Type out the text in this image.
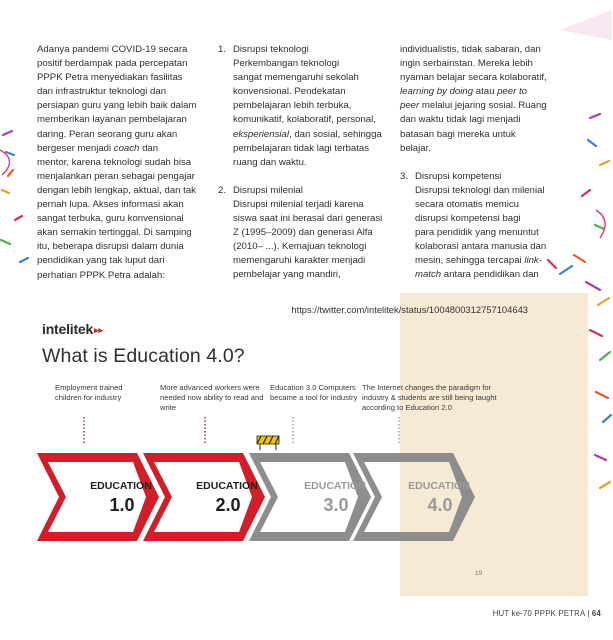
Adanya pandemi COVID-19 secara

positif berdampak pada percepatan

PPPK Petra menyediakan fasilitas

dan infrastruktur teknologi dan

persiapan guru yang lebih baik dalam

memberikan layanan pembelajaran

daring. Peran seorang guru akan

bergeser menjadi coach dan

mentor, karena teknologi sudah bisa

menjalankan peran sebagai pengajar

dengan lebih lengkap, aktual, dan tak

pernah lupa. Akses informasi akan

sangat terbuka, guru konvensional

akan semakin tertinggal. Di samping

itu, beberapa disrupsi dalam dunia

pendidikan yang tak luput dari

perhatian PPPK Petra adalah:

1. Disrupsi teknologi

Perkembangan teknologi

sangat memengaruhi sekolah

konvensional. Pendekatan

pembelajaran lebih terbuka,

komunikatif, kolaboratif, personal,

eksperiensial, dan sosial, sehingga

pembelajaran tidak lagi terbatas

ruang dan waktu.

2. Disrupsi milenial

Disrupsi milenial terjadi karena

siswa saat ini berasal dari generasi

Z (1995–2009) dan generasi Alfa

(2010– ...). Kemajuan teknologi

memengaruhi karakter menjadi

pembelajar yang mandiri,

individualistis, tidak sabaran, dan

ingin serbainstan. Mereka lebih

nyaman belajar secara kolaboratif,

learning by doing atau peer to

peer melalui jejaring sosial. Ruang

dan waktu tidak lagi menjadi

batasan bagi mereka untuk

belajar.

3. Disrupsi kompetensi

Disrupsi teknologi dan milenial

secara otomatis memicu

disrupsi kompetensi bagi

para pendidik yang menuntut

kolaborasi antara manusia dan

mesin, sehingga tercapai link-

match antara pendidikan dan

https://twitter.com/intelitek/status/1004800312757104643
intelitek▸▸
What is Education 4.0?
Employment trained children for industry
More advanced workers were needed now ability to read and write
Education 3.0 Computers became a tool for industry
The Internet changes the paradigm for industry & students are still being taught according to Education 2.0
EDUCATION
1.0
EDUCATION
2.0
EDUCATION
3.0
EDUCATION
4.0
19
HUT ke-70 PPPK PETRA | 64
